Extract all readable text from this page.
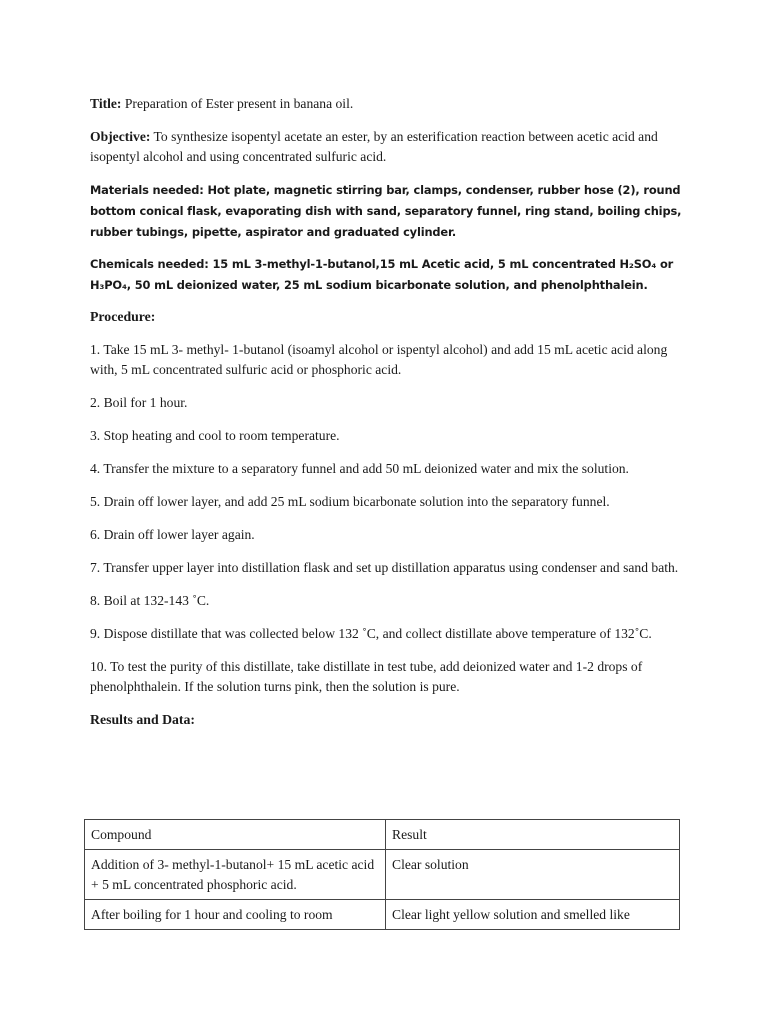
Title: Preparation of Ester present in banana oil.

Objective: To synthesize isopentyl acetate an ester, by an esterification reaction between acetic acid and isopentyl alcohol and using concentrated sulfuric acid.

Materials needed: Hot plate, magnetic stirring bar, clamps, condenser, rubber hose (2), round bottom conical flask, evaporating dish with sand, separatory funnel, ring stand, boiling chips, rubber tubings, pipette, aspirator and graduated cylinder.

Chemicals needed: 15 mL 3-methyl-1-butanol,15 mL Acetic acid, 5 mL concentrated H₂SO₄ or H₃PO₄, 50 mL deionized water, 25 mL sodium bicarbonate solution, and phenolphthalein.

Procedure:

1. Take 15 mL 3- methyl- 1-butanol (isoamyl alcohol or ispentyl alcohol) and add 15 mL acetic acid along with, 5 mL concentrated sulfuric acid or phosphoric acid.
2. Boil for 1 hour.
3. Stop heating and cool to room temperature.
4. Transfer the mixture to a separatory funnel and add 50 mL deionized water and mix the solution.
5. Drain off lower layer, and add 25 mL sodium bicarbonate solution into the separatory funnel.
6. Drain off lower layer again.
7. Transfer upper layer into distillation flask and set up distillation apparatus using condenser and sand bath.
8. Boil at 132-143 ˚C.
9. Dispose distillate that was collected below 132 ˚C, and collect distillate above temperature of 132˚C.
10. To test the purity of this distillate, take distillate in test tube, add deionized water and 1-2 drops of phenolphthalein. If the solution turns pink, then the solution is pure.

Results and Data:

Compound	Result
Addition of 3- methyl-1-butanol+ 15 mL acetic acid + 5 mL concentrated phosphoric acid.	Clear solution
After boiling for 1 hour and cooling to room	Clear light yellow solution and smelled like
